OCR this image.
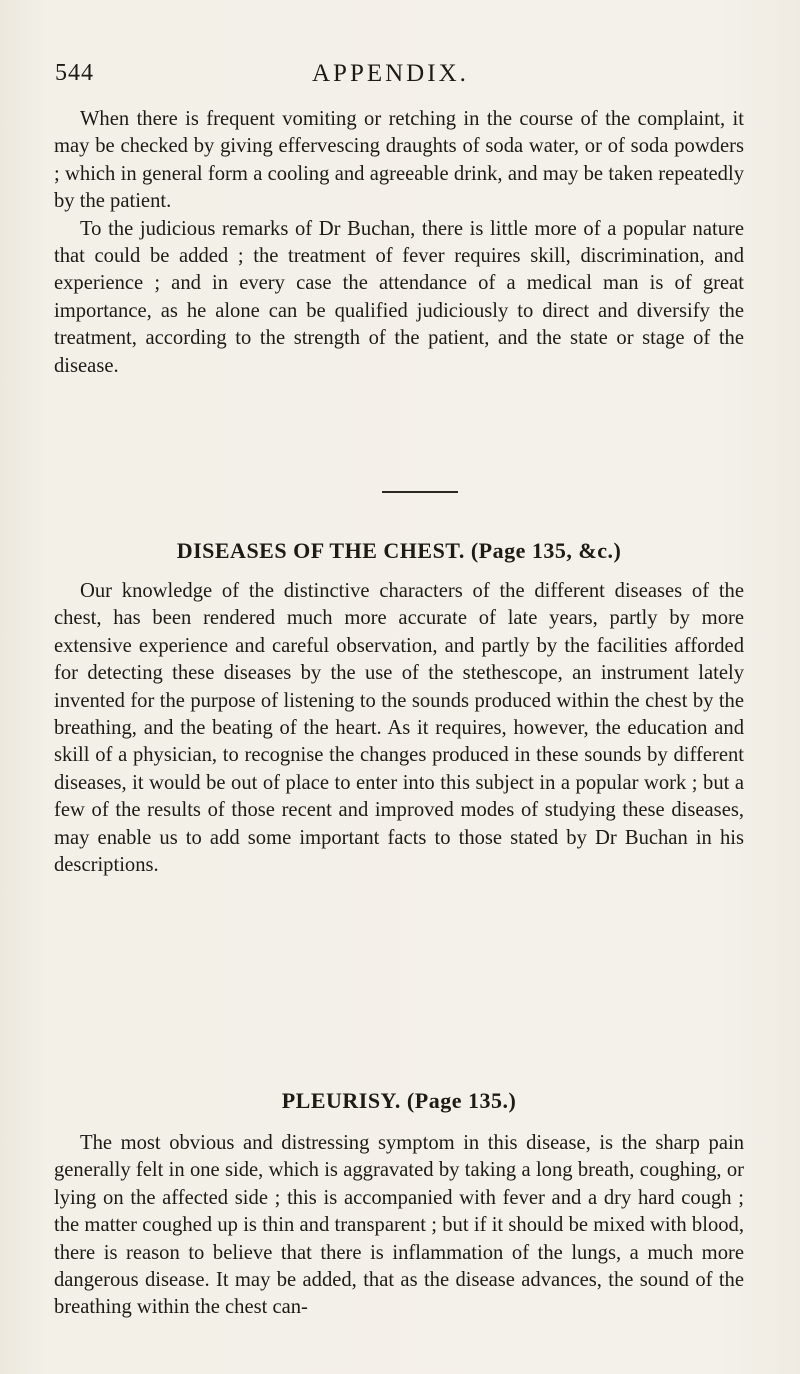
544	APPENDIX.

When there is frequent vomiting or retching in the course of the complaint, it may be checked by giving effervescing draughts of soda water, or of soda powders ; which in general form a cooling and agreeable drink, and may be taken repeatedly by the patient.

To the judicious remarks of Dr Buchan, there is little more of a popular nature that could be added ; the treatment of fever requires skill, discrimination, and experience ; and in every case the attendance of a medical man is of great importance, as he alone can be qualified judiciously to direct and diversify the treatment, according to the strength of the patient, and the state or stage of the disease.

DISEASES OF THE CHEST. (Page 135, &c.)

Our knowledge of the distinctive characters of the different diseases of the chest, has been rendered much more accurate of late years, partly by more extensive experience and careful observation, and partly by the facilities afforded for detecting these diseases by the use of the stethescope, an instrument lately invented for the purpose of listening to the sounds produced within the chest by the breathing, and the beating of the heart. As it requires, however, the education and skill of a physician, to recognise the changes produced in these sounds by different diseases, it would be out of place to enter into this subject in a popular work ; but a few of the results of those recent and improved modes of studying these diseases, may enable us to add some important facts to those stated by Dr Buchan in his descriptions.

PLEURISY. (Page 135.)

The most obvious and distressing symptom in this disease, is the sharp pain generally felt in one side, which is aggravated by taking a long breath, coughing, or lying on the affected side ; this is accompanied with fever and a dry hard cough ; the matter coughed up is thin and transparent ; but if it should be mixed with blood, there is reason to believe that there is inflammation of the lungs, a much more dangerous disease. It may be added, that as the disease advances, the sound of the breathing within the chest can-
